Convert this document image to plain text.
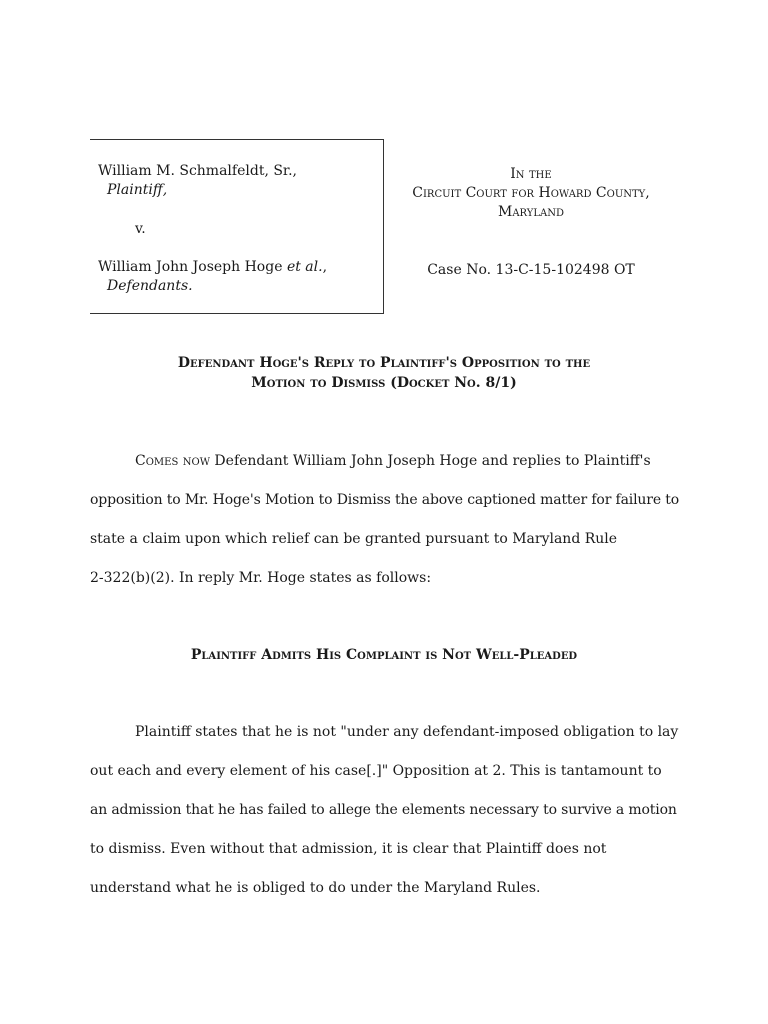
William M. Schmalfeldt, Sr.,
Plaintiff,
v.
William John Joseph Hoge et al.,
Defendants.
In the
Circuit Court for Howard County,
Maryland
Case No. 13-C-15-102498 OT
Defendant Hoge's Reply to Plaintiff's Opposition to the
Motion to Dismiss (Docket No. 8/1)
Comes now Defendant William John Joseph Hoge and replies to Plaintiff's
opposition to Mr. Hoge's Motion to Dismiss the above captioned matter for failure to
state a claim upon which relief can be granted pursuant to Maryland Rule
2-322(b)(2). In reply Mr. Hoge states as follows:
Plaintiff Admits His Complaint is Not Well-Pleaded
Plaintiff states that he is not "under any defendant-imposed obligation to lay
out each and every element of his case[.]" Opposition at 2. This is tantamount to
an admission that he has failed to allege the elements necessary to survive a motion
to dismiss. Even without that admission, it is clear that Plaintiff does not
understand what he is obliged to do under the Maryland Rules.
